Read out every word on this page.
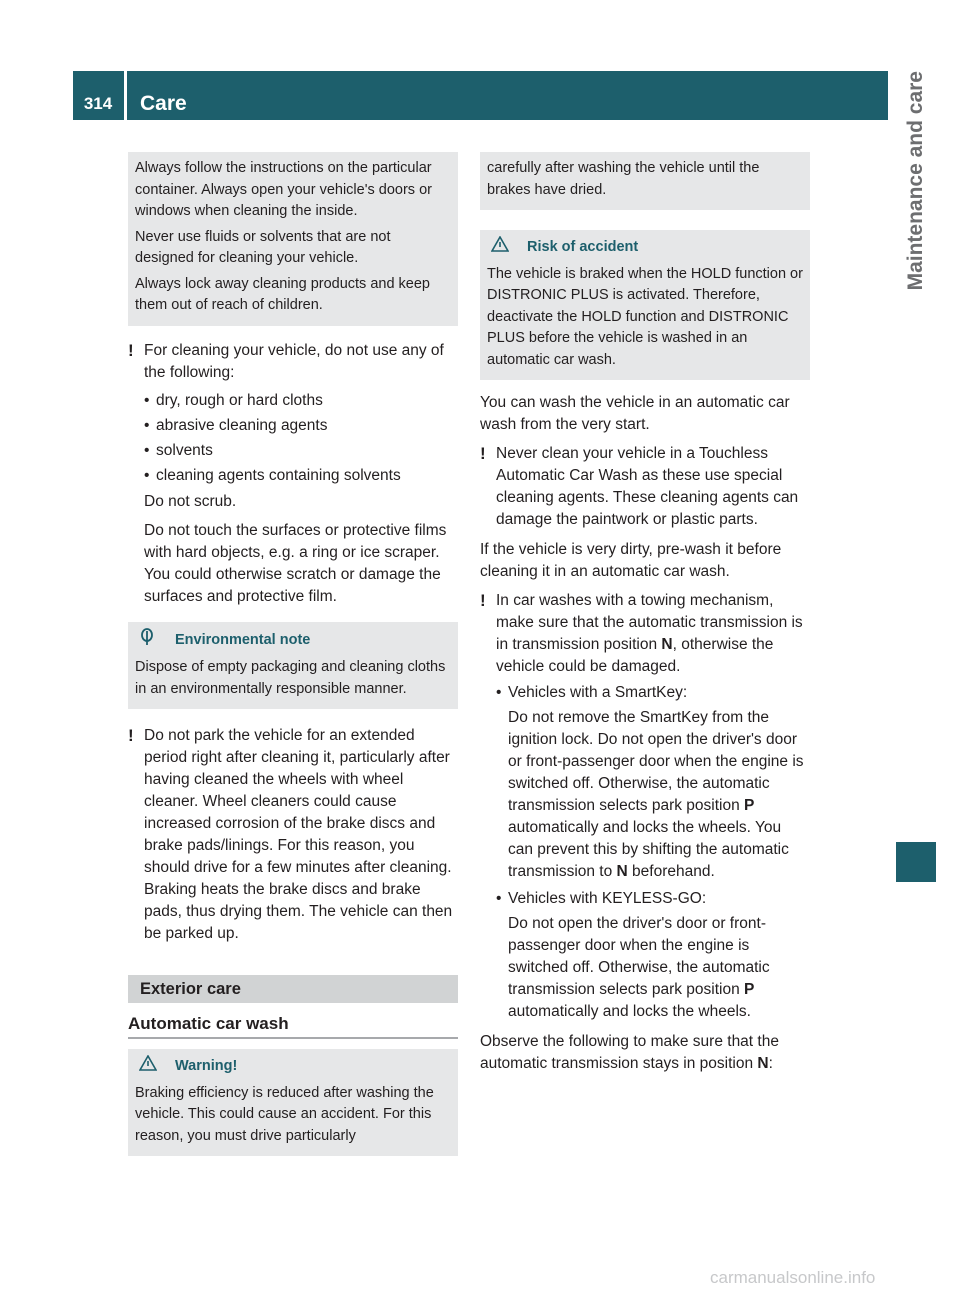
314	Care	Maintenance and care

Always follow the instructions on the particular container. Always open your vehicle's doors or windows when cleaning the inside.

Never use fluids or solvents that are not designed for cleaning your vehicle.

Always lock away cleaning products and keep them out of reach of children.

! For cleaning your vehicle, do not use any of the following:
• dry, rough or hard cloths
• abrasive cleaning agents
• solvents
• cleaning agents containing solvents

Do not scrub.

Do not touch the surfaces or protective films with hard objects, e.g. a ring or ice scraper. You could otherwise scratch or damage the surfaces and protective film.

Environmental note

Dispose of empty packaging and cleaning cloths in an environmentally responsible manner.

! Do not park the vehicle for an extended period right after cleaning it, particularly after having cleaned the wheels with wheel cleaner. Wheel cleaners could cause increased corrosion of the brake discs and brake pads/linings. For this reason, you should drive for a few minutes after cleaning. Braking heats the brake discs and brake pads, thus drying them. The vehicle can then be parked up.
Exterior care
Automatic car wash
Warning!

Braking efficiency is reduced after washing the vehicle. This could cause an accident. For this reason, you must drive particularly

carefully after washing the vehicle until the brakes have dried.

Risk of accident

The vehicle is braked when the HOLD function or DISTRONIC PLUS is activated. Therefore, deactivate the HOLD function and DISTRONIC PLUS before the vehicle is washed in an automatic car wash.

You can wash the vehicle in an automatic car wash from the very start.

! Never clean your vehicle in a Touchless Automatic Car Wash as these use special cleaning agents. These cleaning agents can damage the paintwork or plastic parts.

If the vehicle is very dirty, pre-wash it before cleaning it in an automatic car wash.

! In car washes with a towing mechanism, make sure that the automatic transmission is in transmission position N, otherwise the vehicle could be damaged.
• Vehicles with a SmartKey:
Do not remove the SmartKey from the ignition lock. Do not open the driver's door or front-passenger door when the engine is switched off. Otherwise, the automatic transmission selects park position P automatically and locks the wheels. You can prevent this by shifting the automatic transmission to N beforehand.
• Vehicles with KEYLESS-GO:
Do not open the driver's door or front-passenger door when the engine is switched off. Otherwise, the automatic transmission selects park position P automatically and locks the wheels.

Observe the following to make sure that the automatic transmission stays in position N:

carmanualsonline.info
